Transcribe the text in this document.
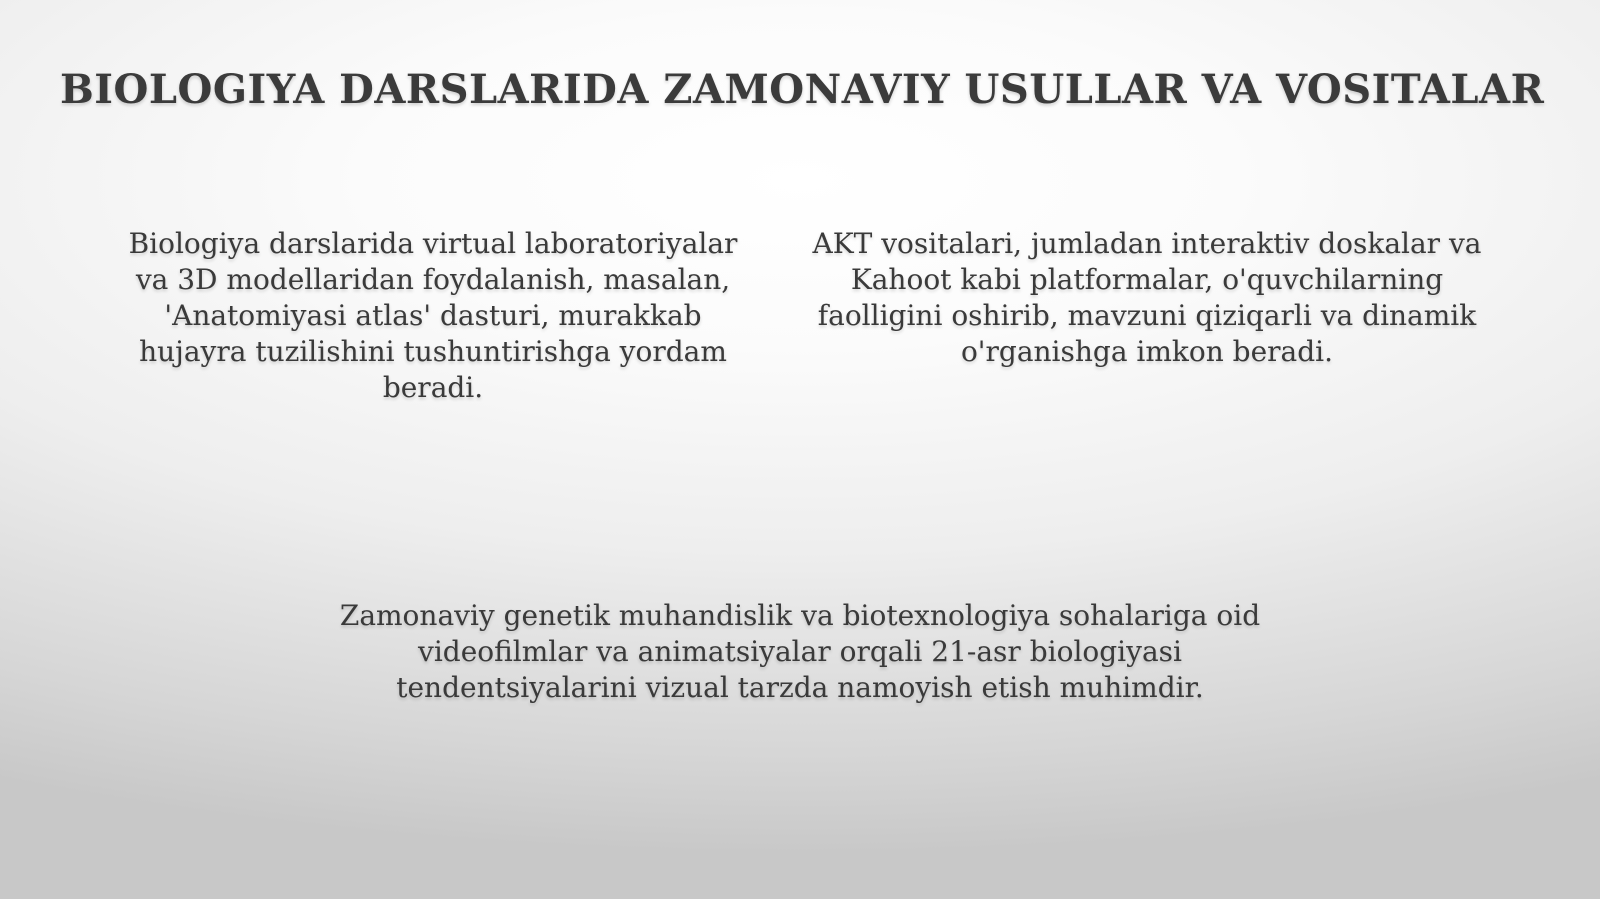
BIOLOGIYA DARSLARIDA ZAMONAVIY USULLAR VA VOSITALAR
Biologiya darslarida virtual laboratoriyalar va 3D modellaridan foydalanish, masalan, 'Anatomiyasi atlas' dasturi, murakkab hujayra tuzilishini tushuntirishga yordam beradi.
AKT vositalari, jumladan interaktiv doskalar va Kahoot kabi platformalar, o'quvchilarning faolligini oshirib, mavzuni qiziqarli va dinamik o'rganishga imkon beradi.
Zamonaviy genetik muhandislik va biotexnologiya sohalariga oid videofilmlar va animatsiyalar orqali 21-asr biologiyasi tendentsiyalarini vizual tarzda namoyish etish muhimdir.
